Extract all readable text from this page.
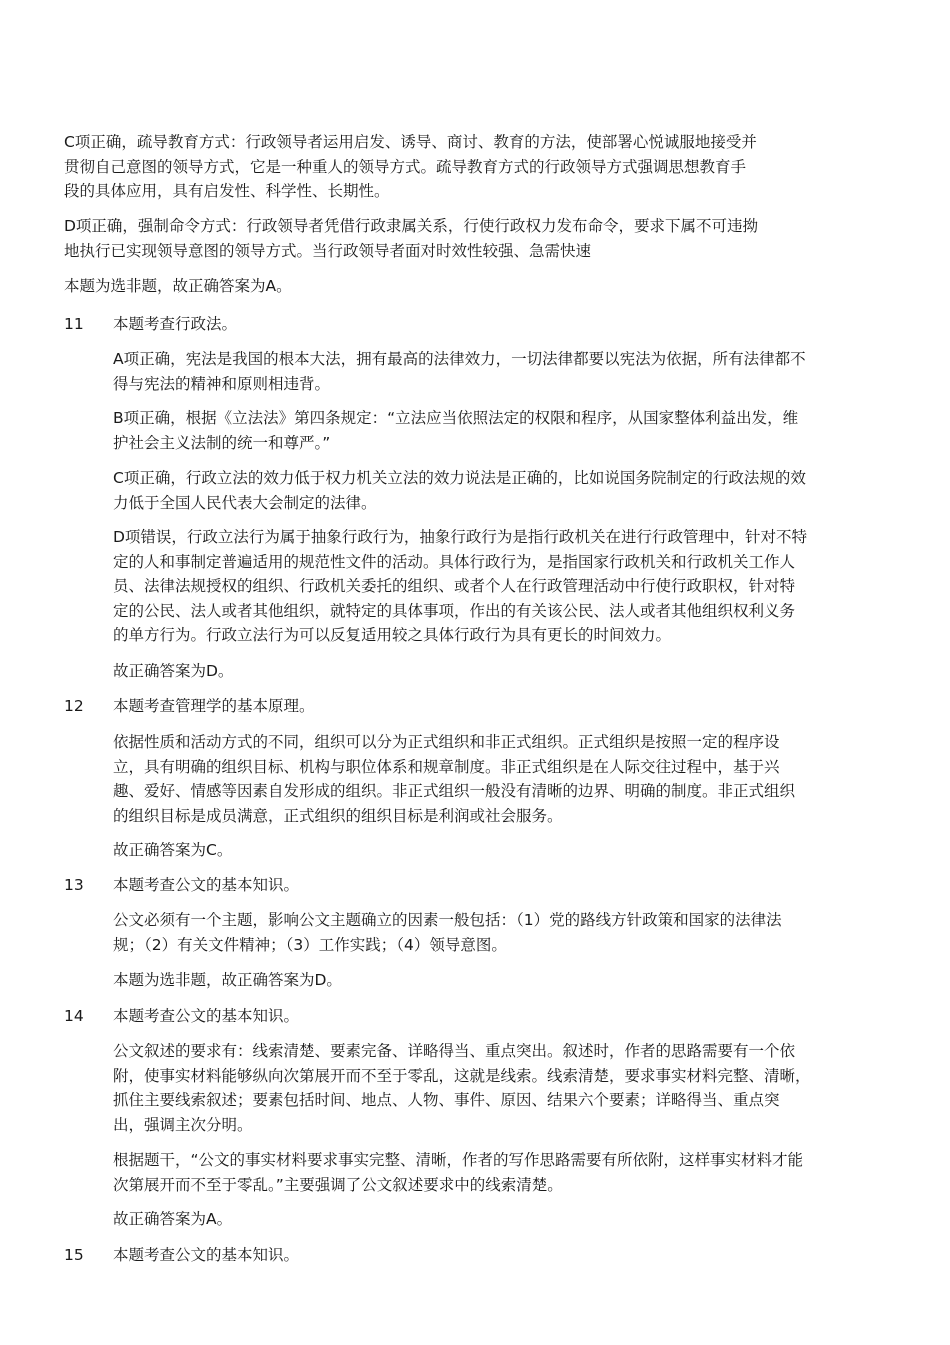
C项正确，疏导教育方式：行政领导者运用启发、诱导、商讨、教育的方法，使部署心悦诚服地接受并
贯彻自己意图的领导方式，它是一种重人的领导方式。疏导教育方式的行政领导方式强调思想教育手
段的具体应用，具有启发性、科学性、长期性。

D项正确，强制命令方式：行政领导者凭借行政隶属关系，行使行政权力发布命令，要求下属不可违拗
地执行已实现领导意图的领导方式。当行政领导者面对时效性较强、急需快速

本题为选非题，故正确答案为A。

11 本题考查行政法。

A项正确，宪法是我国的根本大法，拥有最高的法律效力，一切法律都要以宪法为依据，所有法律都不
得与宪法的精神和原则相违背。

B项正确，根据《立法法》第四条规定：“立法应当依照法定的权限和程序，从国家整体利益出发，维
护社会主义法制的统一和尊严。”

C项正确，行政立法的效力低于权力机关立法的效力说法是正确的，比如说国务院制定的行政法规的效
力低于全国人民代表大会制定的法律。

D项错误，行政立法行为属于抽象行政行为，抽象行政行为是指行政机关在进行行政管理中，针对不特
定的人和事制定普遍适用的规范性文件的活动。具体行政行为，是指国家行政机关和行政机关工作人
员、法律法规授权的组织、行政机关委托的组织、或者个人在行政管理活动中行使行政职权，针对特
定的公民、法人或者其他组织，就特定的具体事项，作出的有关该公民、法人或者其他组织权利义务
的单方行为。行政立法行为可以反复适用较之具体行政行为具有更长的时间效力。

故正确答案为D。

12 本题考查管理学的基本原理。

依据性质和活动方式的不同，组织可以分为正式组织和非正式组织。正式组织是按照一定的程序设
立，具有明确的组织目标、机构与职位体系和规章制度。非正式组织是在人际交往过程中，基于兴
趣、爱好、情感等因素自发形成的组织。非正式组织一般没有清晰的边界、明确的制度。非正式组织
的组织目标是成员满意，正式组织的组织目标是利润或社会服务。

故正确答案为C。

13 本题考查公文的基本知识。

公文必须有一个主题，影响公文主题确立的因素一般包括：（1）党的路线方针政策和国家的法律法
规；（2）有关文件精神；（3）工作实践；（4）领导意图。

本题为选非题，故正确答案为D。

14 本题考查公文的基本知识。

公文叙述的要求有：线索清楚、要素完备、详略得当、重点突出。叙述时，作者的思路需要有一个依
附，使事实材料能够纵向次第展开而不至于零乱，这就是线索。线索清楚，要求事实材料完整、清晰，
抓住主要线索叙述；要素包括时间、地点、人物、事件、原因、结果六个要素；详略得当、重点突
出，强调主次分明。

根据题干，“公文的事实材料要求事实完整、清晰，作者的写作思路需要有所依附，这样事实材料才能
次第展开而不至于零乱。”主要强调了公文叙述要求中的线索清楚。

故正确答案为A。

15 本题考查公文的基本知识。
